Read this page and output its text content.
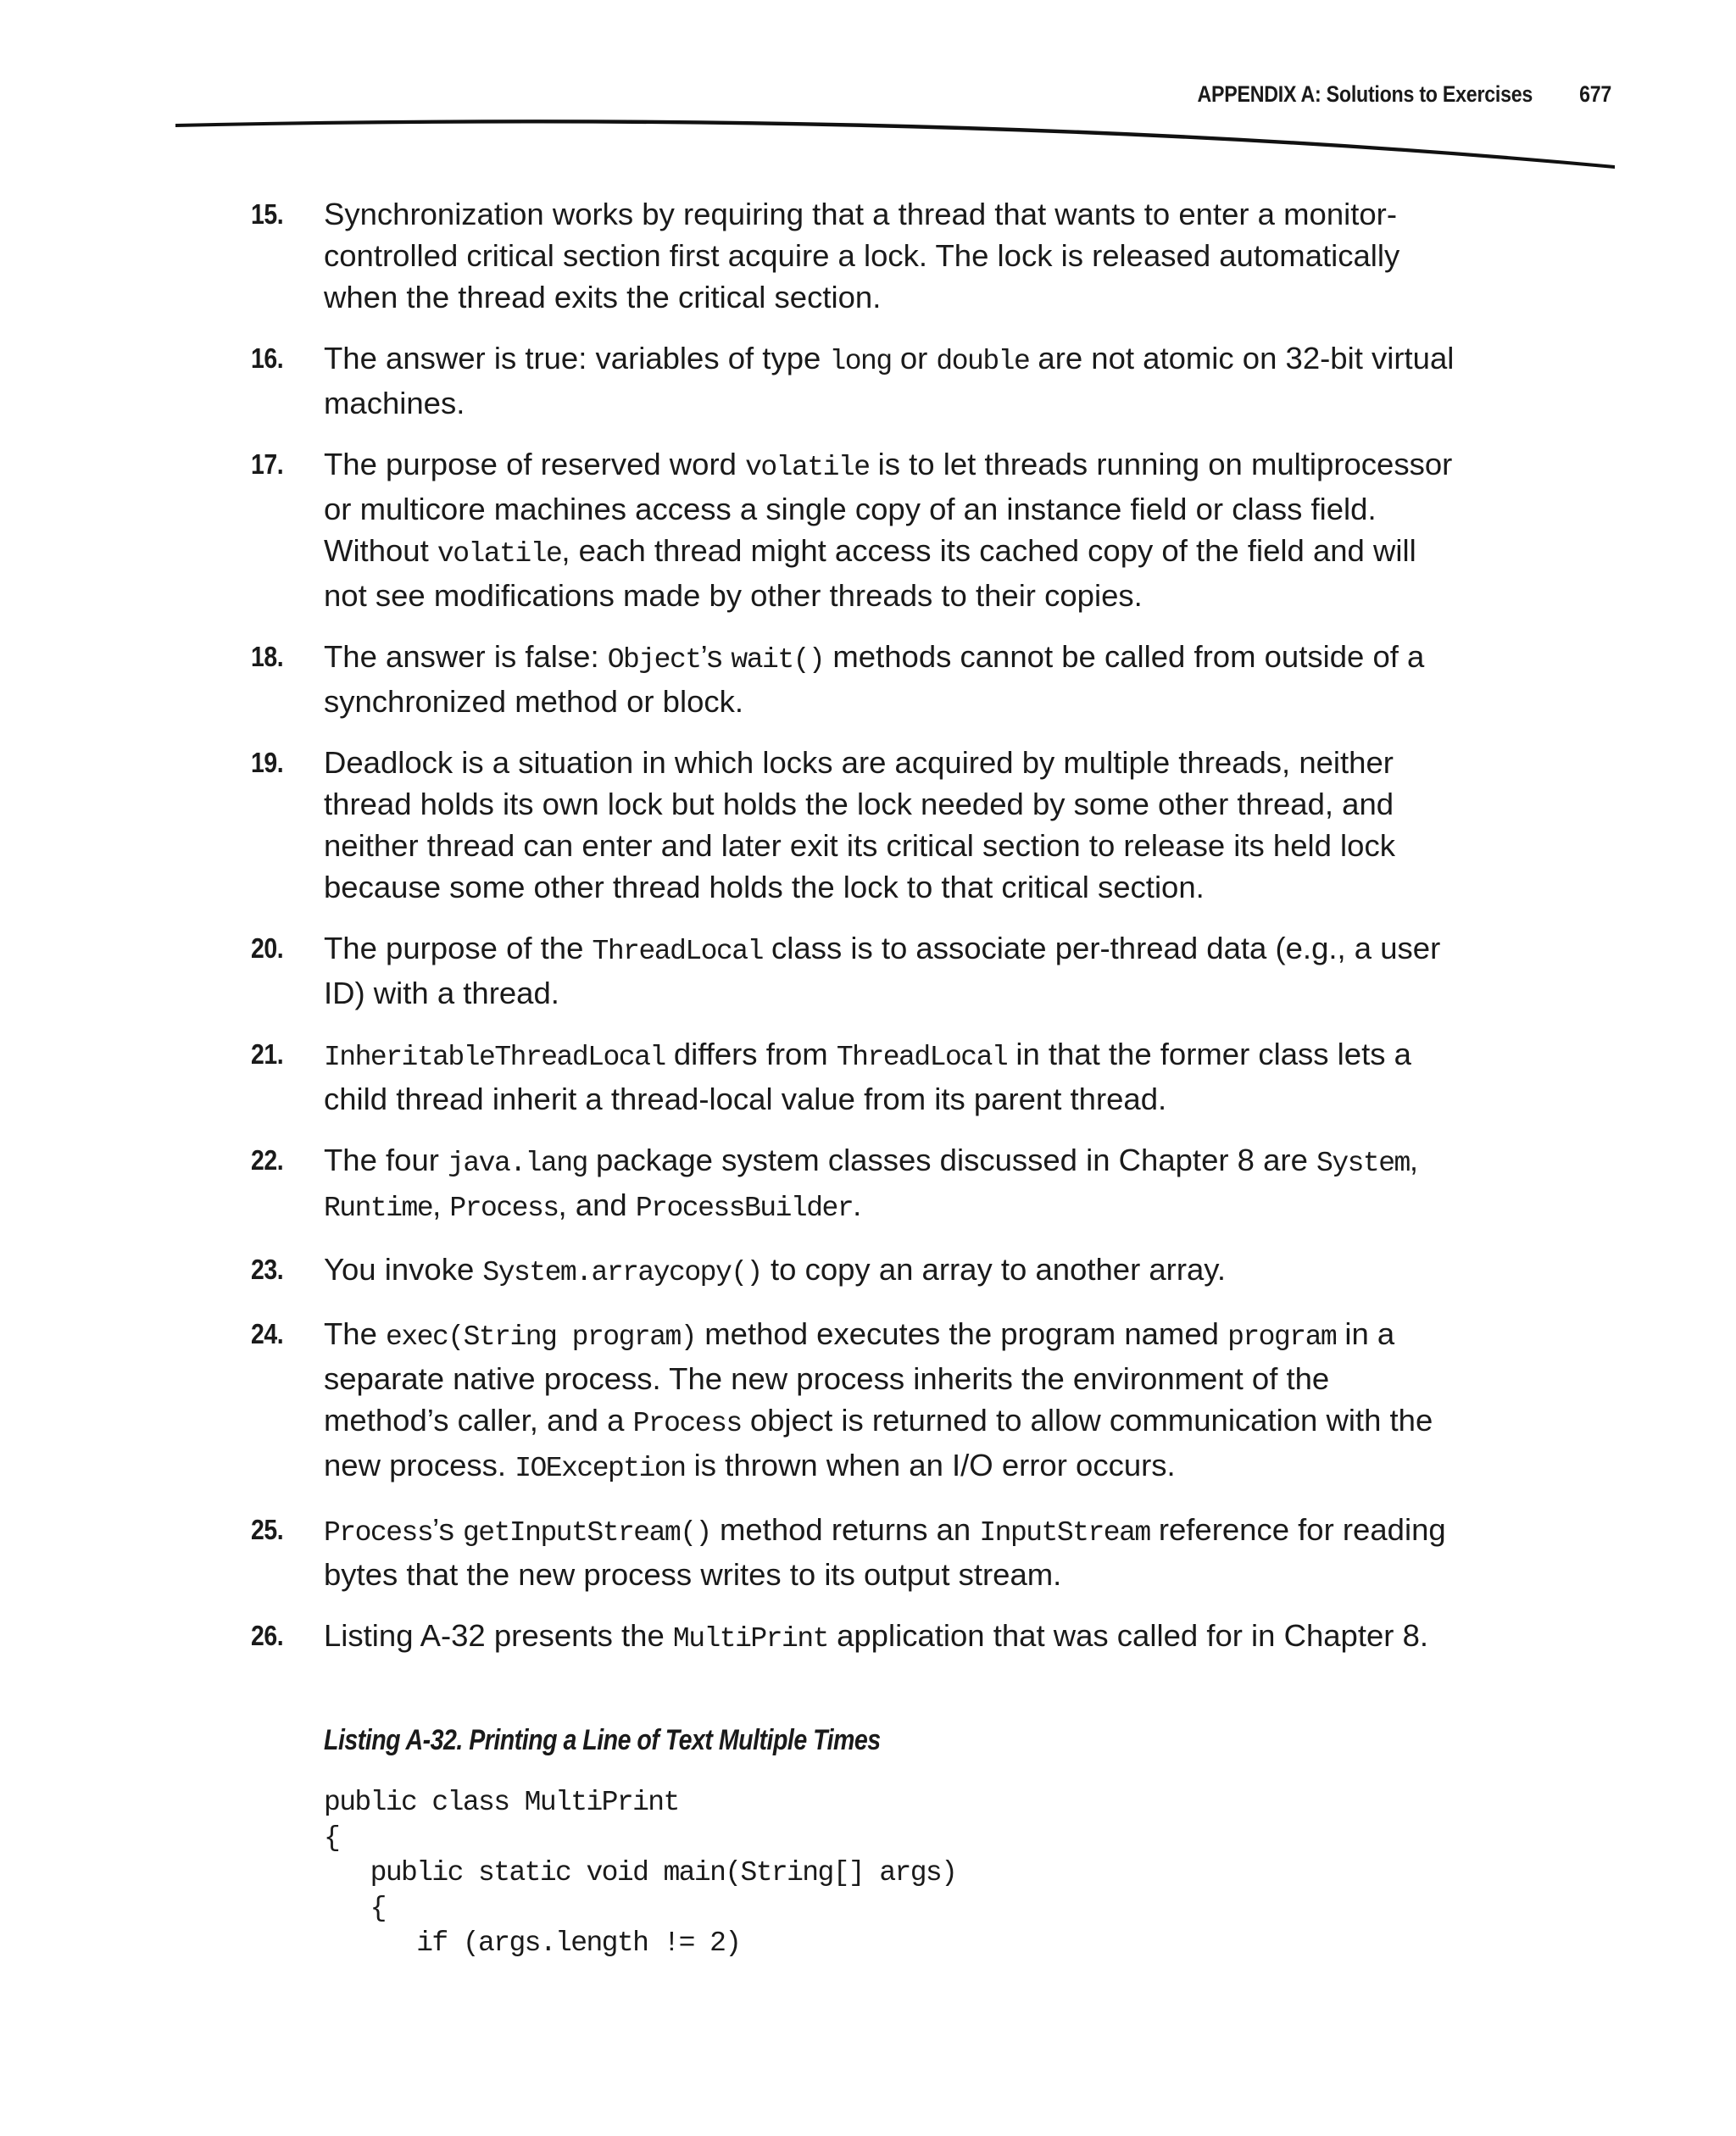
APPENDIX A: Solutions to Exercises 677
15. Synchronization works by requiring that a thread that wants to enter a monitor-controlled critical section first acquire a lock. The lock is released automatically when the thread exits the critical section.
16. The answer is true: variables of type long or double are not atomic on 32-bit virtual machines.
17. The purpose of reserved word volatile is to let threads running on multiprocessor or multicore machines access a single copy of an instance field or class field. Without volatile, each thread might access its cached copy of the field and will not see modifications made by other threads to their copies.
18. The answer is false: Object’s wait() methods cannot be called from outside of a synchronized method or block.
19. Deadlock is a situation in which locks are acquired by multiple threads, neither thread holds its own lock but holds the lock needed by some other thread, and neither thread can enter and later exit its critical section to release its held lock because some other thread holds the lock to that critical section.
20. The purpose of the ThreadLocal class is to associate per-thread data (e.g., a user ID) with a thread.
21. InheritableThreadLocal differs from ThreadLocal in that the former class lets a child thread inherit a thread-local value from its parent thread.
22. The four java.lang package system classes discussed in Chapter 8 are System, Runtime, Process, and ProcessBuilder.
23. You invoke System.arraycopy() to copy an array to another array.
24. The exec(String program) method executes the program named program in a separate native process. The new process inherits the environment of the method’s caller, and a Process object is returned to allow communication with the new process. IOException is thrown when an I/O error occurs.
25. Process’s getInputStream() method returns an InputStream reference for reading bytes that the new process writes to its output stream.
26. Listing A-32 presents the MultiPrint application that was called for in Chapter 8.
Listing A-32. Printing a Line of Text Multiple Times
public class MultiPrint
{
public static void main(String[] args)
{
if (args.length != 2)
